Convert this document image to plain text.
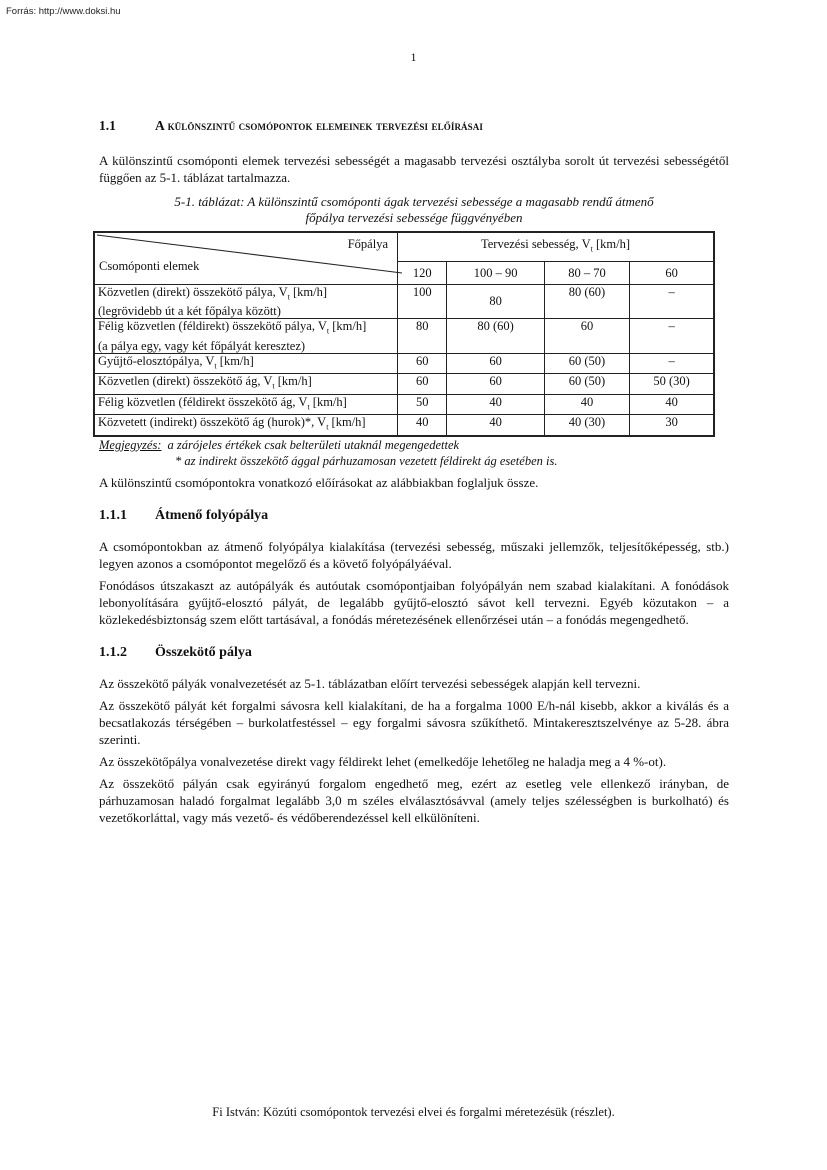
Forrás: http://www.doksi.hu
1
1.1	A különszintű csomópontok elemeinek tervezési előírásai

A különszintű csomóponti elemek tervezési sebességét a magasabb tervezési osztályba sorolt út tervezési sebességétől függően az 5-1. táblázat tartalmazza.

5-1. táblázat: A különszintű csomóponti ágak tervezési sebessége a magasabb rendű átmenő főpálya tervezési sebessége függvényében
Főpálya
Csomóponti elemek	Tervezési sebesség, $V_t$ [km/h]			
	120	100 – 90	80 – 70	60
Közvetlen (direkt) összekötő pálya, $V_t$ [km/h]
(legrövidebb út a két főpálya között)	100	80	80 (60)	–
Félig közvetlen (féldirekt) összekötő pálya, $V_t$ [km/h]
(a pálya egy, vagy két főpályát keresztez)	80	80 (60)	60	–
Gyűjtő-elosztópálya, $V_t$ [km/h]	60	60	60 (50)	–
Közvetlen (direkt) összekötő ág, $V_t$ [km/h]	60	60	60 (50)	50 (30)
Félig közvetlen (féldirekt összekötő ág, $V_t$ [km/h]	50	40	40	40
Közvetett (indirekt) összekötő ág (hurok)*, $V_t$ [km/h]	40	40	40 (30)	30
Megjegyzés: a zárójeles értékek csak belterületi utaknál megengedettek
* az indirekt összekötő ággal párhuzamosan vezetett féldirekt ág esetében is.

A különszintű csomópontokra vonatkozó előírásokat az alábbiakban foglaljuk össze.

1.1.1	Átmenő folyópálya

A csomópontokban az átmenő folyópálya kialakítása (tervezési sebesség, műszaki jellemzők, teljesítőképesség, stb.) legyen azonos a csomópontot megelőző és a követő folyópályáéval.

Fonódásos útszakaszt az autópályák és autóutak csomópontjaiban folyópályán nem szabad kialakítani. A fonódások lebonyolítására gyűjtő-elosztó pályát, de legalább gyűjtő-elosztó sávot kell tervezni. Egyéb közutakon – a közlekedésbiztonság szem előtt tartásával, a fonódás méretezésének ellenőrzései után – a fonódás megengedhető.

1.1.2	Összekötő pálya

Az összekötő pályák vonalvezetését az 5-1. táblázatban előírt tervezési sebességek alapján kell tervezni.

Az összekötő pályát két forgalmi sávosra kell kialakítani, de ha a forgalma 1000 E/h-nál kisebb, akkor a kiválás és a becsatlakozás térségében – burkolatfestéssel – egy forgalmi sávosra szűkíthető. Mintakeresztszelvénye az 5-28. ábra szerinti.

Az összekötőpálya vonalvezetése direkt vagy féldirekt lehet (emelkedője lehetőleg ne haladja meg a 4 %-ot).

Az összekötő pályán csak egyirányú forgalom engedhető meg, ezért az esetleg vele ellenkező irányban, de párhuzamosan haladó forgalmat legalább 3,0 m széles elválasztósávval (amely teljes szélességben is burkolható) és vezetőkorláttal, vagy más vezető- és védőberendezéssel kell elkülöníteni.

Fi István: Közúti csomópontok tervezési elvei és forgalmi méretezésük (részlet).
